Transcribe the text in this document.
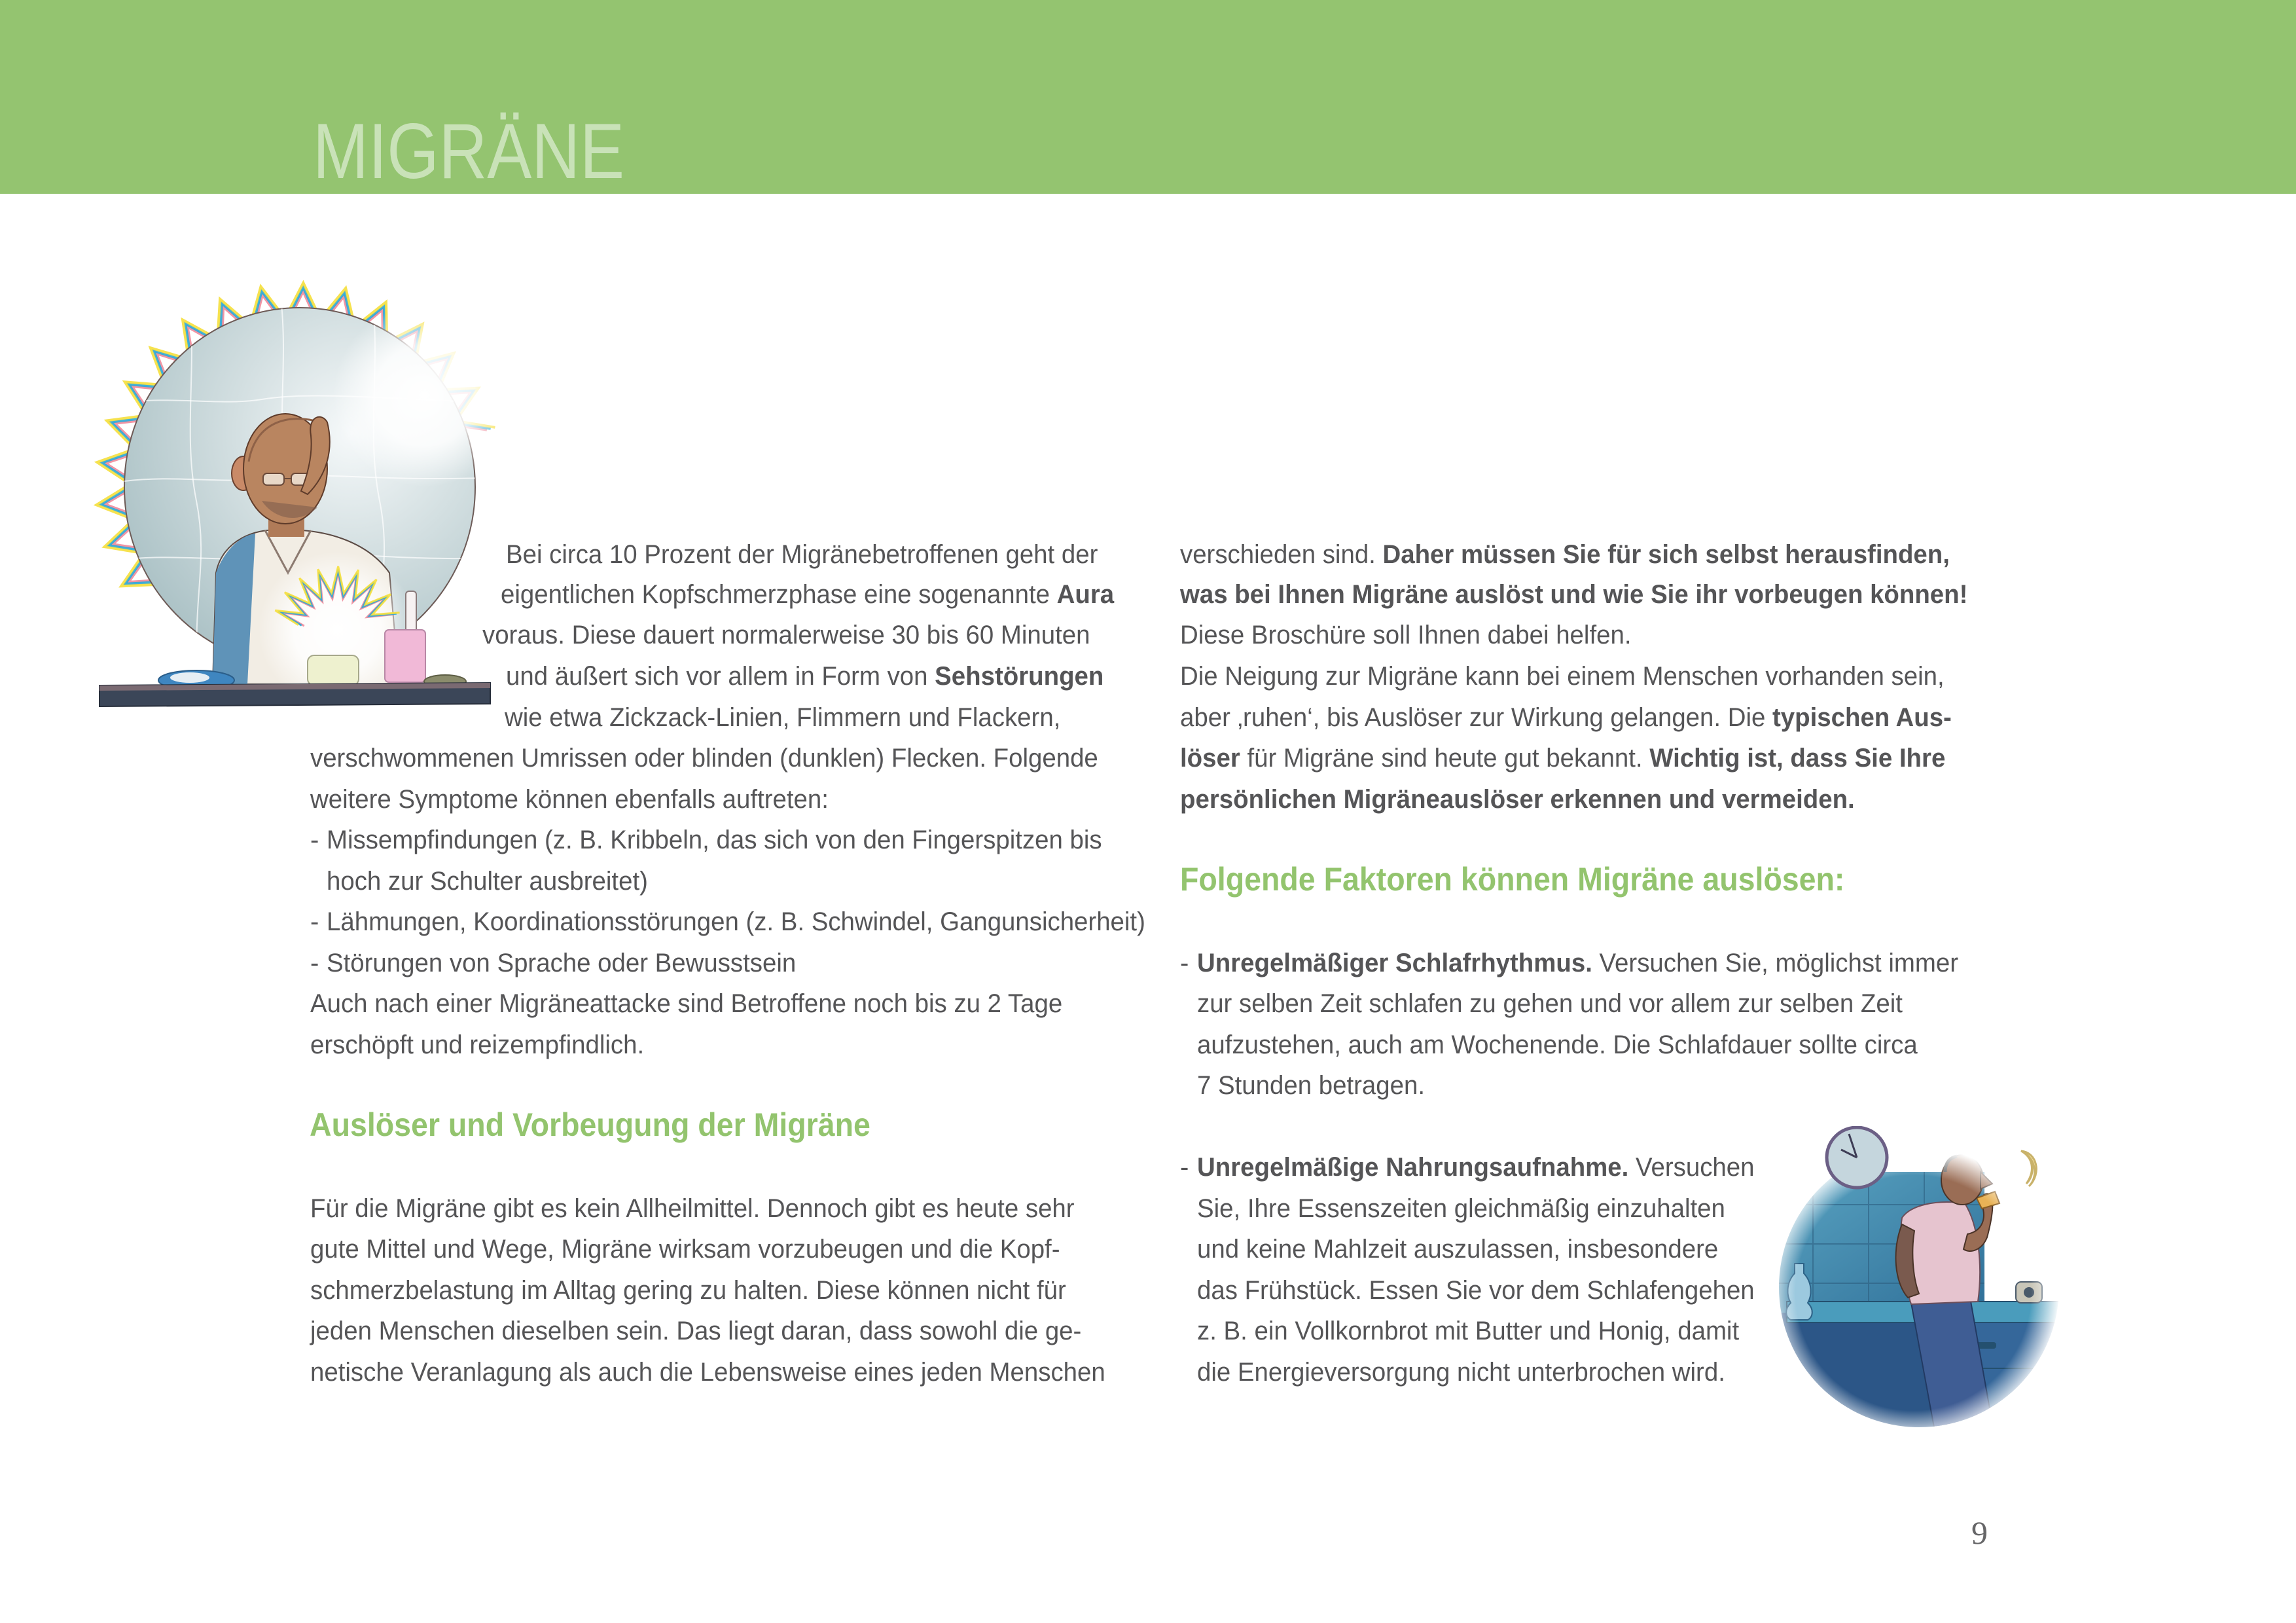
MIGRÄNE
Bei circa 10 Prozent der Migränebetroffenen geht der
eigentlichen Kopfschmerzphase eine sogenannte Aura
voraus. Diese dauert normalerweise 30 bis 60 Minuten
und äußert sich vor allem in Form von Sehstörungen
wie etwa Zickzack-Linien, Flimmern und Flackern,
verschwommenen Umrissen oder blinden (dunklen) Flecken. Folgende
weitere Symptome können ebenfalls auftreten:
- Missempfindungen (z. B. Kribbeln, das sich von den Fingerspitzen bis
hoch zur Schulter ausbreitet)
- Lähmungen, Koordinationsstörungen (z. B. Schwindel, Gangunsicherheit)
- Störungen von Sprache oder Bewusstsein
Auch nach einer Migräneattacke sind Betroffene noch bis zu 2 Tage
erschöpft und reizempfindlich.
Auslöser und Vorbeugung der Migräne
Für die Migräne gibt es kein Allheilmittel. Dennoch gibt es heute sehr
gute Mittel und Wege, Migräne wirksam vorzubeugen und die Kopf-
schmerzbelastung im Alltag gering zu halten. Diese können nicht für
jeden Menschen dieselben sein. Das liegt daran, dass sowohl die ge-
netische Veranlagung als auch die Lebensweise eines jeden Menschen
verschieden sind. Daher müssen Sie für sich selbst herausfinden,
was bei Ihnen Migräne auslöst und wie Sie ihr vorbeugen können!
Diese Broschüre soll Ihnen dabei helfen.
Die Neigung zur Migräne kann bei einem Menschen vorhanden sein,
aber ‚ruhen‘, bis Auslöser zur Wirkung gelangen. Die typischen Aus-
löser für Migräne sind heute gut bekannt. Wichtig ist, dass Sie Ihre
persönlichen Migräneauslöser erkennen und vermeiden.
Folgende Faktoren können Migräne auslösen:
- Unregelmäßiger Schlafrhythmus. Versuchen Sie, möglichst immer
zur selben Zeit schlafen zu gehen und vor allem zur selben Zeit
aufzustehen, auch am Wochenende. Die Schlafdauer sollte circa
7 Stunden betragen.
- Unregelmäßige Nahrungsaufnahme. Versuchen
Sie, Ihre Essenszeiten gleichmäßig einzuhalten
und keine Mahlzeit auszulassen, insbesondere
das Frühstück. Essen Sie vor dem Schlafengehen
z. B. ein Vollkornbrot mit Butter und Honig, damit
die Energieversorgung nicht unterbrochen wird.
9
